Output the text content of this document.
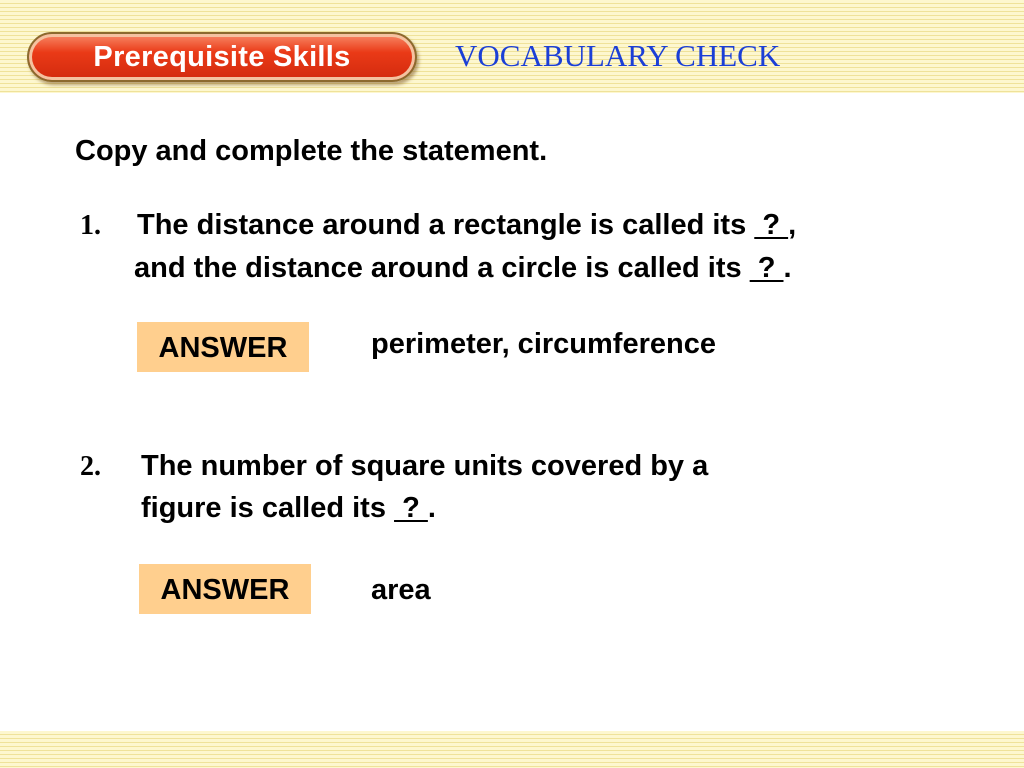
Prerequisite Skills	VOCABULARY CHECK
Copy and complete the statement.
1. The distance around a rectangle is called its  ? ,
and the distance around a circle is called its  ? .
ANSWER	perimeter, circumference
2. The number of square units covered by a
figure is called its  ? .
ANSWER	area
